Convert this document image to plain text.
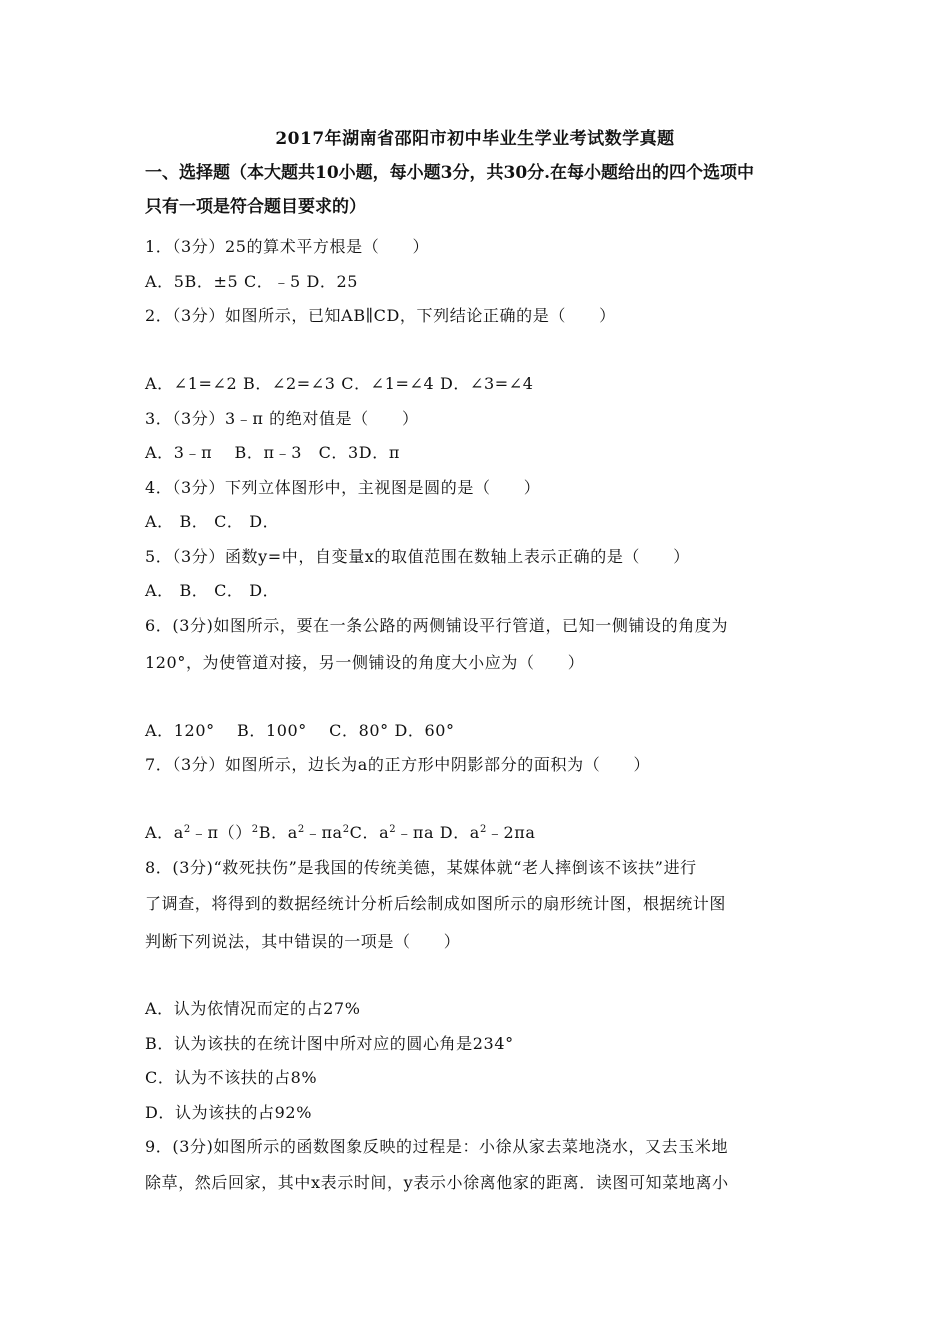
2017年湖南省邵阳市初中毕业生学业考试数学真题
一、选择题（本大题共10小题，每小题3分，共30分.在每小题给出的四个选项中
只有一项是符合题目要求的）
1．（3分）25的算术平方根是（　　）
A．5B．±5 C．﹣5 D．25
2．（3分）如图所示，已知AB∥CD，下列结论正确的是（　　）
A．∠1=∠2 B．∠2=∠3 C．∠1=∠4 D．∠3=∠4
3．（3分）3﹣π 的绝对值是（　　）
A．3﹣π　 B．π﹣3　C．3D．π
4．（3分）下列立体图形中，主视图是圆的是（　　）
A． B． C． D．
5．（3分）函数y=中，自变量x的取值范围在数轴上表示正确的是（　　）
A． B． C． D．
6．(3分)如图所示，要在一条公路的两侧铺设平行管道，已知一侧铺设的角度为
120°，为使管道对接，另一侧铺设的角度大小应为（　　）
A．120°　 B．100°　 C．80° D．60°
7．（3分）如图所示，边长为a的正方形中阴影部分的面积为（　　）
A．$a^2﹣\pi()^2B$．$a^2﹣\pi a^2C$．$a^2﹣\pi a$ D．$a^2﹣2\pi a$
8．(3分)“救死扶伤”是我国的传统美德，某媒体就“老人摔倒该不该扶”进行
了调查，将得到的数据经统计分析后绘制成如图所示的扇形统计图，根据统计图
判断下列说法，其中错误的一项是（　　）
A．认为依情况而定的占27%
B．认为该扶的在统计图中所对应的圆心角是234°
C．认为不该扶的占8%
D．认为该扶的占92%
9．(3分)如图所示的函数图象反映的过程是：小徐从家去菜地浇水，又去玉米地
除草，然后回家，其中x表示时间，y表示小徐离他家的距离．读图可知菜地离小
